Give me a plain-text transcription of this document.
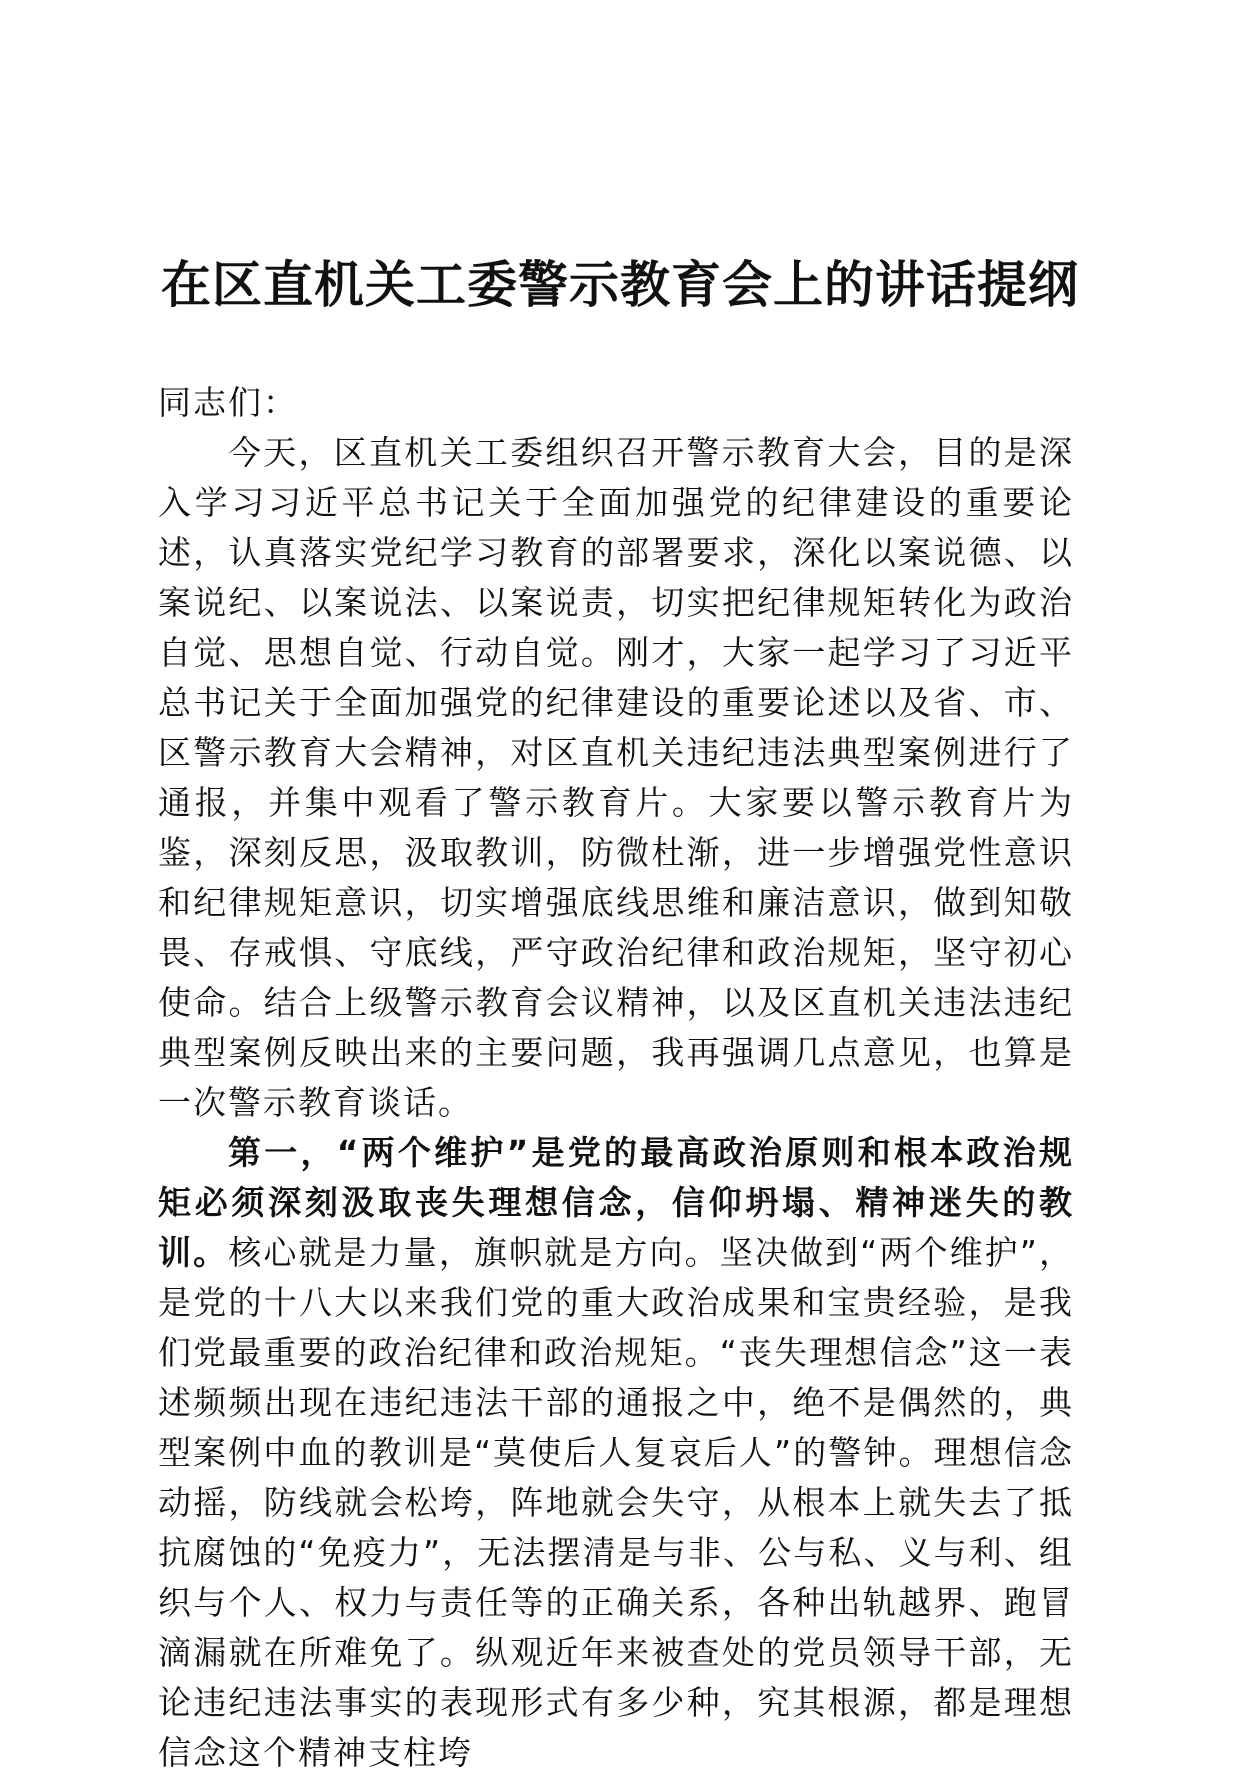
在区直机关工委警示教育会上的讲话提纲

同志们：

今天，区直机关工委组织召开警示教育大会，目的是深入学习习近平总书记关于全面加强党的纪律建设的重要论述，认真落实党纪学习教育的部署要求，深化以案说德、以案说纪、以案说法、以案说责，切实把纪律规矩转化为政治自觉、思想自觉、行动自觉。刚才，大家一起学习了习近平总书记关于全面加强党的纪律建设的重要论述以及省、市、区警示教育大会精神，对区直机关违纪违法典型案例进行了通报，并集中观看了警示教育片。大家要以警示教育片为鉴，深刻反思，汲取教训，防微杜渐，进一步增强党性意识和纪律规矩意识，切实增强底线思维和廉洁意识，做到知敬畏、存戒惧、守底线，严守政治纪律和政治规矩，坚守初心使命。结合上级警示教育会议精神，以及区直机关违法违纪典型案例反映出来的主要问题，我再强调几点意见，也算是一次警示教育谈话。

第一，“两个维护”是党的最高政治原则和根本政治规矩必须深刻汲取丧失理想信念，信仰坍塌、精神迷失的教训。核心就是力量，旗帜就是方向。坚决做到“两个维护”，是党的十八大以来我们党的重大政治成果和宝贵经验，是我们党最重要的政治纪律和政治规矩。“丧失理想信念”这一表述频频出现在违纪违法干部的通报之中，绝不是偶然的，典型案例中血的教训是“莫使后人复哀后人”的警钟。理想信念动摇，防线就会松垮，阵地就会失守，从根本上就失去了抵抗腐蚀的“免疫力”，无法摆清是与非、公与私、义与利、组织与个人、权力与责任等的正确关系，各种出轨越界、跑冒滴漏就在所难免了。纵观近年来被查处的党员领导干部，无论违纪违法事实的表现形式有多少种，究其根源，都是理想信念这个精神支柱垮
